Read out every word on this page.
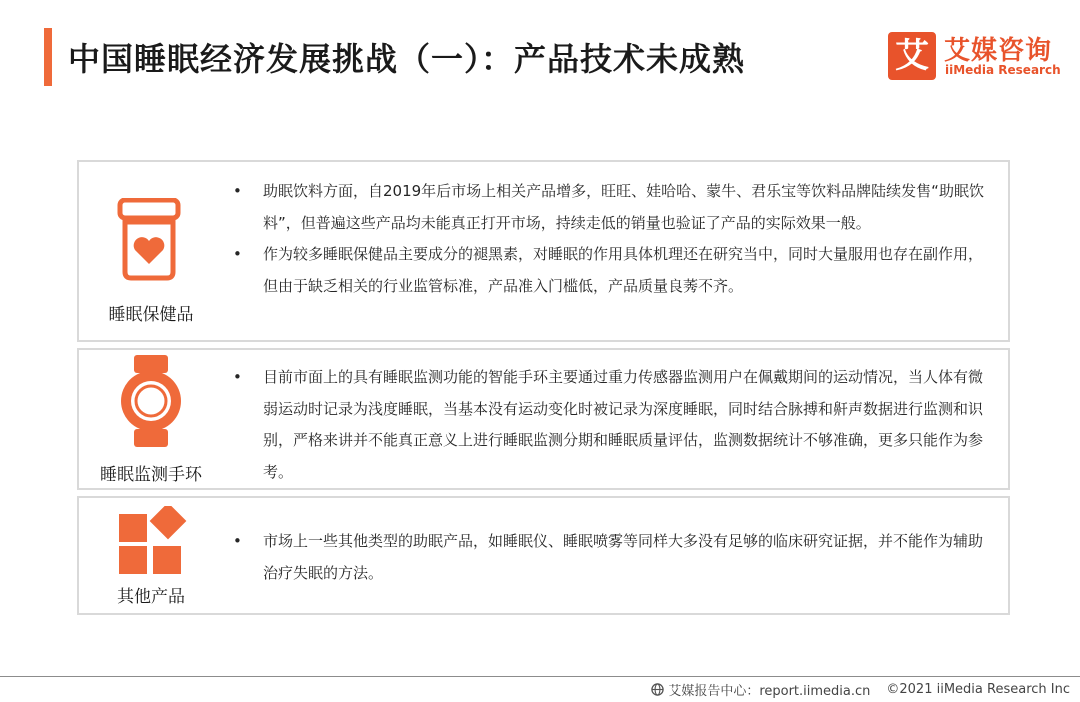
中国睡眠经济发展挑战（一）：产品技术未成熟	艾 艾媒咨询
iiMedia Research
睡眠保健品
• 助眠饮料方面，自2019年后市场上相关产品增多，旺旺、娃哈哈、蒙牛、君乐宝等饮料品牌陆续发售“助眠饮料”，但普遍这些产品均未能真正打开市场，持续走低的销量也验证了产品的实际效果一般。
• 作为较多睡眠保健品主要成分的褪黑素，对睡眠的作用具体机理还在研究当中，同时大量服用也存在副作用，但由于缺乏相关的行业监管标准，产品准入门槛低，产品质量良莠不齐。
睡眠监测手环
• 目前市面上的具有睡眠监测功能的智能手环主要通过重力传感器监测用户在佩戴期间的运动情况，当人体有微弱运动时记录为浅度睡眠，当基本没有运动变化时被记录为深度睡眠，同时结合脉搏和鼾声数据进行监测和识别，严格来讲并不能真正意义上进行睡眠监测分期和睡眠质量评估，监测数据统计不够准确，更多只能作为参考。
其他产品
• 市场上一些其他类型的助眠产品，如睡眠仪、睡眠喷雾等同样大多没有足够的临床研究证据，并不能作为辅助治疗失眠的方法。
艾媒报告中心：report.iimedia.cn ©2021 iiMedia Research Inc
